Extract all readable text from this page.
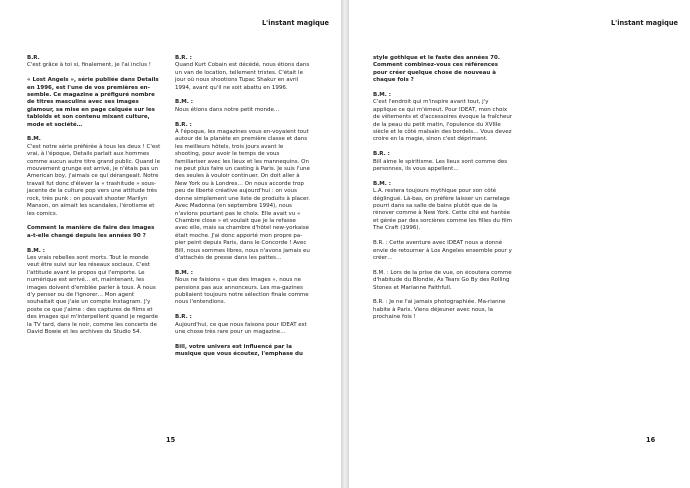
L'instant magique

B.R.

C'est grâce à toi si, finalement, je l'ai inclus !

« Lost Angels », série publiée dans Details en 1996, est l'une de vos premières en-semble. Ce magazine a préfiguré nombre de titres masculins avec ses images glamour, sa mise en page calquée sur les tabloïds et son contenu mixant culture, mode et société…

B.M.

C'est notre série préférée à tous les deux ! C'est vrai, à l'époque, Details parlait aux hommes comme aucun autre titre grand public. Quand le mouvement grunge est arrivé, je n'étais pas un American boy, j'aimais ce qui dérangeait. Notre travail fut donc d'élever la « trashitude » sous-jacente de la culture pop vers une attitude très rock, très punk : on pouvait shooter Marilyn Manson, on aimait les scandales, l'érotisme et les comics.

Comment la manière de faire des images a-t-elle changé depuis les années 90 ?

B.M. :

Les vrais rebelles sont morts. Tout le monde veut être suivi sur les réseaux sociaux. C'est l'attitude avant le propos qui l'emporte. Le numérique est arrivé… et, maintenant, les images doivent d'emblée parler à tous. À nous d'y penser ou de l'ignorer… Mon agent souhaitait que j'aie un compte Instagram. J'y poste ce que j'aime : des captures de films et des images qui m'interpellent quand je regarde la TV tard, dans le noir, comme les concerts de David Bowie et les archives du Studio 54.

B.R. :

Quand Kurt Cobain est décédé, nous étions dans un van de location, tellement tristes. C'était le jour où nous shootions Tupac Shakur en avril 1994, avant qu'il ne soit abattu en 1996.

B.M. :

Nous étions dans notre petit monde…

B.R. :

À l'époque, les magazines vous en-voyaient tout autour de la planète en première classe et dans les meilleurs hôtels, trois jours avant le shooting, pour avoir le temps de vous familiariser avec les lieux et les mannequins. On ne peut plus faire un casting à Paris. Je suis l'une des seules à vouloir continuer. On doit aller à New York ou à Londres… On nous accorde trop peu de liberté créative aujourd'hui : on vous donne simplement une liste de produits à placer. Avec Madonna (en septembre 1994), nous n'avions pourtant pas le choix. Elle avait vu « Chambre close » et voulait que je la refasse avec elle, mais sa chambre d'hôtel new-yorkaise était moche. J'ai donc apporté mon propre pa-pier peint depuis Paris, dans le Concorde ! Avec Bill, nous sommes libres, nous n'avons jamais eu d'attachés de presse dans les pattes…

B.M. :

Nous ne faisions « que des images », nous ne pensions pas aux annonceurs. Les ma-gazines publiaient toujours notre sélection finale comme nous l'entendions.

B.R. :

Aujourd'hui, ce que nous faisons pour IDEAT est une chose très rare pour un magazine…

Bill, votre univers est influencé par la musique que vous écoutez, l'emphase du

15
L'instant magique

style gothique et le faste des années 70. Comment combinez-vous ces références pour créer quelque chose de nouveau à chaque fois ?

B.M. :

C'est l'endroit qui m'inspire avant tout, j'y applique ce qui m'émeut. Pour IDEAT, mon choix de vêtements et d'accessoires évoque la fraîcheur de la peau du petit matin, l'opulence du XVIIIe siècle et le côté malsain des bordels… Vous devez croire en la magie, sinon c'est déprimant.

B.R. :

Bill aime le spiritisme. Les lieux sont comme des personnes, ils vous appellent…

B.M. :

L.A. restera toujours mythique pour son côté déglingué. Là-bas, on préfère laisser un carrelage pourri dans sa salle de bains plutôt que de la rénover comme à New York. Cette cité est hantée et gérée par des sorcières comme les filles du film The Craft (1996).

B.R. : Cette aventure avec IDEAT nous a donné envie de retourner à Los Angeles ensemble pour y créer…

B.M. : Lors de la prise de vue, on écoutera comme d'habitude du Blondie, As Tears Go By des Rolling Stones et Marianne Faithfull.

B.R. : Je ne l'ai jamais photographiée. Ma-rianne habite à Paris. Viens déjeuner avec nous, la prochaine fois !

16
